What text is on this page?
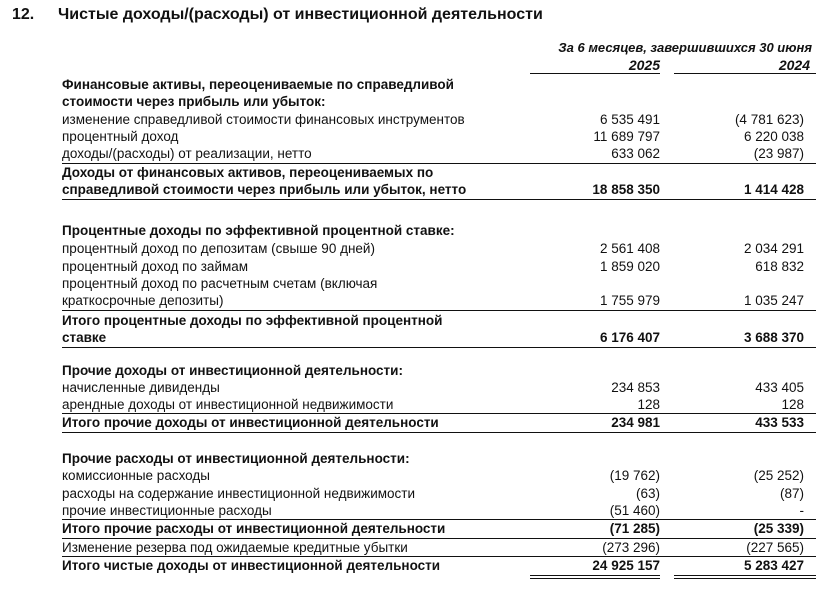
12. Чистые доходы/(расходы) от инвестиционной деятельности
За 6 месяцев, завершившихся 30 июня
2025	2024
Финансовые активы, переоцениваемые по справедливой
стоимости через прибыль или убыток:
изменение справедливой стоимости финансовых инструментов	6 535 491	(4 781 623)
процентный доход	11 689 797	6 220 038
доходы/(расходы) от реализации, нетто	633 062	(23 987)
Доходы от финансовых активов, переоцениваемых по
справедливой стоимости через прибыль или убыток, нетто	18 858 350	1 414 428
Процентные доходы по эффективной процентной ставке:
процентный доход по депозитам (свыше 90 дней)	2 561 408	2 034 291
процентный доход по займам	1 859 020	618 832
процентный доход по расчетным счетам (включая
краткосрочные депозиты)	1 755 979	1 035 247
Итого процентные доходы по эффективной процентной
ставке	6 176 407	3 688 370
Прочие доходы от инвестиционной деятельности:
начисленные дивиденды	234 853	433 405
арендные доходы от инвестиционной недвижимости	128	128
Итого прочие доходы от инвестиционной деятельности	234 981	433 533
Прочие расходы от инвестиционной деятельности:
комиссионные расходы	(19 762)	(25 252)
расходы на содержание инвестиционной недвижимости	(63)	(87)
прочие инвестиционные расходы	(51 460)	-
Итого прочие расходы от инвестиционной деятельности	(71 285)	(25 339)
Изменение резерва под ожидаемые кредитные убытки	(273 296)	(227 565)
Итого чистые доходы от инвестиционной деятельности	24 925 157	5 283 427
